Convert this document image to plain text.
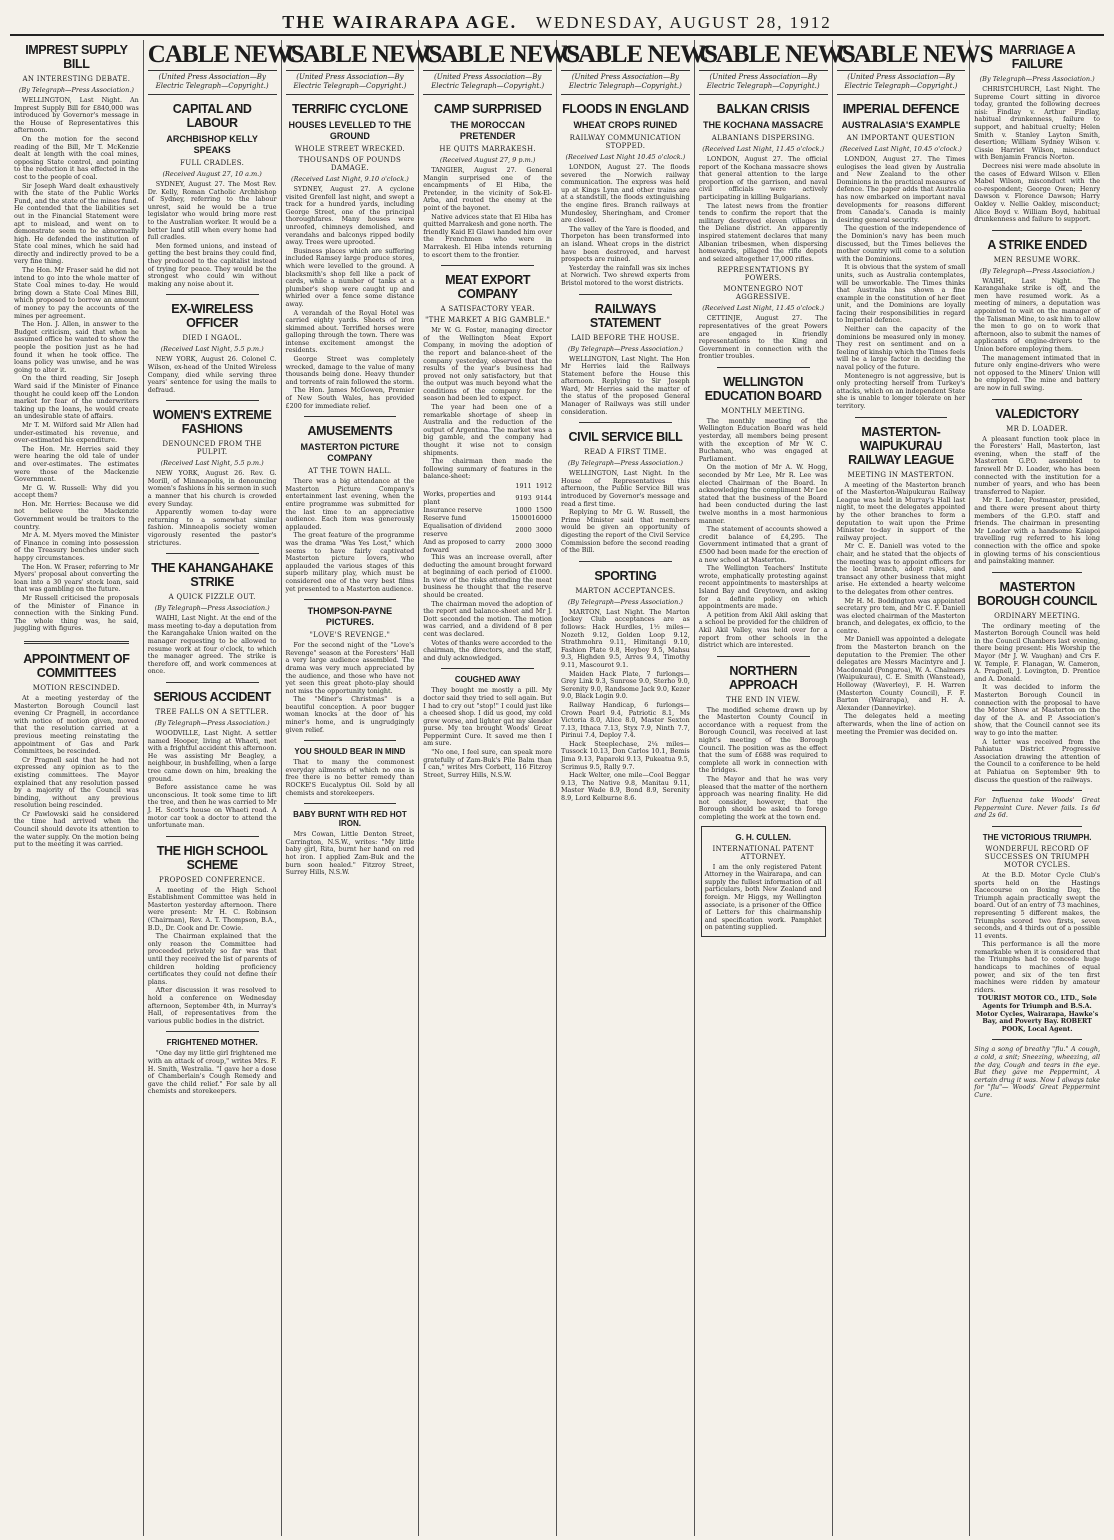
THE WAIRARAPA AGE. WEDNESDAY, AUGUST 28, 1912
IMPREST SUPPLY BILL
AN INTERESTING DEBATE.
(By Telegraph—Press Association.)

WELLINGTON, Last Night. An Imprest Supply Bill for £840,000 was introduced by Governor's message in the House of Representatives this afternoon.

On the motion for the second reading of the Bill, Mr T. McKenzie dealt at length with the coal mines, opposing State control, and pointing to the reduction it has effected in the cost to the people of coal.

Sir Joseph Ward dealt exhaustively with the state of the Public Works Fund, and the state of the mines fund. He contended that the liabilities set out in the Financial Statement were apt to mislead, and went on to demonstrate seem to be abnormally high. He defended the institution of State coal mines, which he said had directly and indirectly proved to be a very fine thing.

The Hon. Mr Fraser said he did not intend to go into the whole matter of State Coal mines to-day. He would bring down a State Coal Mines Bill, which proposed to borrow an amount of money to pay the accounts of the mines per agreement.

The Hon. J. Allen, in answer to the Budget criticism, said that when he assumed office he wanted to show the people the position just as he had found it when he took office. The loans policy was unwise, and he was going to alter it.

On the third reading, Sir Joseph Ward said if the Minister of Finance thought he could keep off the London market for fear of the underwriters taking up the loans, he would create an undesirable state of affairs.

Mr T. M. Wilford said Mr Allen had under-estimated his revenue, and over-estimated his expenditure.

The Hon. Mr. Herries said they were hearing the old tale of under and over-estimates. The estimates were those of the Mackenzie Government.

Mr G. W. Russell: Why did you accept them?

Hon. Mr. Herries: Because we did not believe the Mackenzie Government would be traitors to the country.

Mr A. M. Myers moved the Minister of Finance in coming into possession of the Treasury benches under such happy circumstances.

The Hon. W. Fraser, referring to Mr Myers' proposal about converting the loan into a 30 years' stock loan, said that was gambling on the future.

Mr Russell criticised the proposals of the Minister of Finance in connection with the Sinking Fund. The whole thing was, he said, juggling with figures.

APPOINTMENT OF COMMITTEES
MOTION RESCINDED.

At a meeting yesterday of the Masterton Borough Council last evening Cr Pragnell, in accordance with notice of motion given, moved that the resolution carried at a previous meeting reinstating the appointment of Gas and Park Committees, be rescinded.

Cr Pragnell said that he had not expressed any opinion as to the existing committees. The Mayor explained that any resolution passed by a majority of the Council was binding, without any previous resolution being rescinded.

Cr Pawlowski said he considered the time had arrived when the Council should devote its attention to the water supply. On the motion being put to the meeting it was carried.

CABLE NEWS
(United Press Association—By Electric Telegraph—Copyright.)
CAPITAL AND LABOUR
ARCHBISHOP KELLY SPEAKS
FULL CRADLES.
(Received August 27, 10 a.m.)

SYDNEY, August 27. The Most Rev. Dr. Kelly, Roman Catholic Archbishop of Sydney, referring to the labour unrest, said he would be a true legislator who would bring more rest to the Australian worker. It would be a better land still when every home had full cradles.

Men formed unions, and instead of getting the best brains they could find, they produced to the capitalist instead of trying for peace. They would be the strongest who could win without making any noise about it.

EX-WIRELESS OFFICER
DIED I NGAOL.
(Received Last Night, 5.5 p.m.)

NEW YORK, August 26. Colonel C. Wilson, ex-head of the United Wireless Company, died while serving three years' sentence for using the mails to defraud.

WOMEN'S EXTREME FASHIONS
DENOUNCED FROM THE PULPIT.
(Received Last Night, 5.5 p.m.)

NEW YORK, August 26. Rev. G. Morill, of Minneapolis, in denouncing women's fashions in his sermon in such a manner that his church is crowded every Sunday.

Apparently women to-day were returning to a somewhat similar fashion. Minneapolis society women vigorously resented the pastor's strictures.

THE KAHANGAHAKE STRIKE
A QUICK FIZZLE OUT.
(By Telegraph—Press Association.)

WAIHI, Last Night. At the end of the mass meeting to-day a deputation from the Karangahake Union waited on the manager requesting to be allowed to resume work at four o'clock, to which the manager agreed. The strike is therefore off, and work commences at once.

SERIOUS ACCIDENT
TREE FALLS ON A SETTLER.
(By Telegraph—Press Association.)

WOODVILLE, Last Night. A settler named Hooper, living at Whaeti, met with a frightful accident this afternoon. He was assisting Mr Beagley, a neighbour, in bushfelling, when a large tree came down on him, breaking the ground.

Before assistance came he was unconscious. It took some time to lift the tree, and then he was carried to Mr J. H. Scott's house on Whaeti road. A motor car took a doctor to attend the unfortunate man.

THE HIGH SCHOOL SCHEME
PROPOSED CONFERENCE.

A meeting of the High School Establishment Committee was held in Masterton yesterday afternoon. There were present: Mr H. C. Robinson (Chairman), Rev. A. T. Thompson, B.A., B.D., Dr. Cook and Dr. Cowie.

The Chairman explained that the only reason the Committee had proceeded privately so far was that until they received the list of parents of children holding proficiency certificates they could not define their plans.

After discussion it was resolved to hold a conference on Wednesday afternoon, September 4th, in Murray's Hall, of representatives from the various public bodies in the district.

FRIGHTENED MOTHER.

"One day my little girl frightened me with an attack of croup," writes Mrs. F. H. Smith, Westralia. "I gave her a dose of Chamberlain's Cough Remedy and gave the child relief." For sale by all chemists and storekeepers.

CABLE NEWS
(United Press Association—By Electric Telegraph—Copyright.)
TERRIFIC CYCLONE
HOUSES LEVELLED TO THE GROUND
WHOLE STREET WRECKED.
THOUSANDS OF POUNDS DAMAGE.
(Received Last Night, 9.10 o'clock.)

SYDNEY, August 27. A cyclone visited Grenfell last night, and swept a track for a hundred yards, including George Street, one of the principal thoroughfares. Many houses were unroofed, chimneys demolished, and verandahs and balconys ripped bodily away. Trees were uprooted.

Business places which are suffering included Ramsey large produce stores, which were levelled to the ground. A blacksmith's shop fell like a pack of cards, while a number of tanks at a plumber's shop were caught up and whirled over a fence some distance away.

A verandah of the Royal Hotel was carried eighty yards. Sheets of iron skimmed about. Terrified horses were galloping through the town. There was intense excitement amongst the residents.

George Street was completely wrecked, damage to the value of many thousands being done. Heavy thunder and torrents of rain followed the storm.

The Hon. James McGowen, Premier of New South Wales, has provided £200 for immediate relief.

AMUSEMENTS
MASTERTON PICTURE COMPANY
AT THE TOWN HALL.

There was a big attendance at the Masterton Picture Company's entertainment last evening, when the entire programme was submitted for the last time to an appreciative audience. Each item was generously applauded.

The great feature of the programme was the drama "Was Yes Lost," which seems to have fairly captivated Masterton picture lovers, who applauded the various stages of this superb military play, which must be considered one of the very best films yet presented to a Masterton audience.

THOMPSON-PAYNE PICTURES.
"LOVE'S REVENGE."

For the second night of the "Love's Revenge" season at the Foresters' Hall a very large audience assembled. The drama was very much appreciated by the audience, and those who have not yet seen this great photo-play should not miss the opportunity tonight.

The "Miner's Christmas" is a beautiful conception. A poor bugger woman knocks at the door of his miner's home, and is ungrudgingly given relief.

YOU SHOULD BEAR IN MIND

That to many the commonest everyday ailments of which no one is free there is no better remedy than ROCKE'S Eucalyptus Oil. Sold by all chemists and storekeepers.

BABY BURNT WITH RED HOT IRON.

Mrs Cowan, Little Denton Street, Carrington, N.S.W., writes: "My little baby girl, Rita, burnt her hand on red hot iron. I applied Zam-Buk and the burn soon healed." Fitzroy Street, Surrey Hills, N.S.W.

CABLE NEWS
(United Press Association—By Electric Telegraph—Copyright.)
CAMP SURPRISED
THE MOROCCAN PRETENDER
HE QUITS MARRAKESH.
(Received August 27, 9 p.m.)

TANGIER, August 27. General Mangin surprised one of the encampments of El Hiba, the Pretender, in the vicinity of Sok-El-Arba, and routed the enemy at the point of the bayonet.

Native advices state that El Hiba has quitted Marrakesh and gone north. The friendly Kaid El Glawi handed him over the Frenchmen who were in Marrakesh. El Hiba intends returning to escort them to the frontier.

MEAT EXPORT COMPANY
A SATISFACTORY YEAR.
"THE MARKET A BIG GAMBLE."

Mr W. G. Foster, managing director of the Wellington Meat Export Company, in moving the adoption of the report and balance-sheet of the company yesterday, observed that the results of the year's business had proved not only satisfactory, but that the output was much beyond what the conditions of the company for the season had been led to expect.

The year had been one of a remarkable shortage of sheep in Australia and the reduction of the output of Argentina. The market was a big gamble, and the company had thought it wise not to consign shipments.

The chairman then made the following summary of features in the balance-sheet:

	1911	1912
Works, properties and plant	9193	9144
Insurance reserve	1000	1500
Reserve fund	15000	16000
Equalisation of dividend reserve	2000	3000
And as proposed to carry forward	2000	3000

This was an increase overall, after deducting the amount brought forward at beginning of each period of £1000. In view of the risks attending the meat business he thought that the reserve should be created.

The chairman moved the adoption of the report and balance-sheet and Mr J. Dott seconded the motion. The motion was carried, and a dividend of 8 per cent was declared.

Votes of thanks were accorded to the chairman, the directors, and the staff, and duly acknowledged.

COUGHED AWAY

They bought me mostly a pill. My doctor said they tried to sell again. But I had to cry out "stop!" I could just like a cheesed shop. I did us good, my cold grew worse, and lighter gat my slender purse. My tea brought Woods' Great Peppermint Cure. It saved me then I am sure.

"No one, I feel sure, can speak more gratefully of Zam-Buk's Pile Balm than I can," writes Mrs Corbett, 116 Fitzroy Street, Surrey Hills, N.S.W.

CABLE NEWS
(United Press Association—By Electric Telegraph—Copyright.)
FLOODS IN ENGLAND
WHEAT CROPS RUINED
RAILWAY COMMUNICATION STOPPED.
(Received Last Night 10.45 o'clock.)

LONDON, August 27. The floods severed the Norwich railway communication. The express was held up at Kings Lynn and other trains are at a standstill, the floods extinguishing the engine fires. Branch railways at Mundesley, Sheringham, and Cromer are closed.

The valley of the Yare is flooded, and Thorpeton has been transformed into an island. Wheat crops in the district have been destroyed, and harvest prospects are ruined.

Yesterday the rainfall was six inches at Norwich. Two shrewd experts from Bristol motored to the worst districts.

RAILWAYS STATEMENT
LAID BEFORE THE HOUSE.
(By Telegraph—Press Association.)

WELLINGTON, Last Night. The Hon Mr Herries laid the Railways Statement before the House this afternoon. Replying to Sir Joseph Ward, Mr Herries said the matter of the status of the proposed General Manager of Railways was still under consideration.

CIVIL SERVICE BILL
READ A FIRST TIME.
(By Telegraph—Press Association.)

WELLINGTON, Last Night. In the House of Representatives this afternoon, the Public Service Bill was introduced by Governor's message and read a first time.

Replying to Mr G. W. Russell, the Prime Minister said that members would be given an opportunity of digesting the report of the Civil Service Commission before the second reading of the Bill.

SPORTING
MARTON ACCEPTANCES.
(By Telegraph—Press Association.)

MARTON, Last Night. The Marton Jockey Club acceptances are as follows: Hack Hurdles, 1½ miles—Nozeth 9.12, Golden Loop 9.12, Strathmohra 9.11, Himitangi 9.10, Fashion Plate 9.8, Heyboy 9.5, Mahsu 9.3, Highden 9.5, Arres 9.4, Timothy 9.11, Mascourot 9.1.

Maiden Hack Plate, 7 furlongs—Grey Link 9.3, Sunrose 9.0, Sterho 9.0, Serenity 9.0, Randsome Jack 9.0, Kezer 9.0, Black Login 9.0.

Railway Handicap, 6 furlongs—Crown Pearl 9.4, Patriotic 8.1, Ms Victoria 8.0, Alice 8.0, Master Sexton 7.13, Ithaca 7.13, Styx 7.9, Ninth 7.7, Pirinui 7.4, Deploy 7.4.

Hack Steeplechase, 2¼ miles—Tussock 10.13, Don Carlos 10.1, Bemis Jima 9.13, Paparoki 9.13, Pukeatua 9.5, Scrimus 9.5, Rally 9.7.

Hack Welter, one mile—Cool Beggar 9.13, The Native 9.8, Manitau 9.11, Master Wade 8.9, Bond 8.9, Serenity 8.9, Lord Kelburne 8.6.

CABLE NEWS
(United Press Association—By Electric Telegraph—Copyright.)
BALKAN CRISIS
THE KOCHANA MASSACRE
ALBANIANS DISPERSING.
(Received Last Night, 11.45 o'clock.)

LONDON, August 27. The official report of the Kochana massacre shows that general attention to the large proportion of the garrison, and naval civil officials were actively participating in killing Bulgarians.

The latest news from the frontier tends to confirm the report that the military destroyed eleven villages in the Deliane district. An apparently inspired statement declares that many Albanian tribesmen, when dispersing homewards, pillaged the rifle depots and seized altogether 17,000 rifles.

REPRESENTATIONS BY POWERS.
MONTENEGRO NOT AGGRESSIVE.
(Received Last Night, 11.45 o'clock.)

CETTINJE, August 27. The representatives of the great Powers are engaged in friendly representations to the King and Government in connection with the frontier troubles.

WELLINGTON EDUCATION BOARD
MONTHLY MEETING.

The monthly meeting of the Wellington Education Board was held yesterday, all members being present with the exception of Mr W. C. Buchanan, who was engaged at Parliament.

On the motion of Mr A. W. Hogg, seconded by Mr Lee, Mr R. Lee was elected Chairman of the Board. In acknowledging the compliment Mr Lee stated that the business of the Board had been conducted during the last twelve months in a most harmonious manner.

The statement of accounts showed a credit balance of £4,295. The Government intimated that a grant of £500 had been made for the erection of a new school at Masterton.

The Wellington Teachers' Institute wrote, emphatically protesting against recent appointments to masterships at Island Bay and Greytown, and asking for a definite policy on which appointments are made.

A petition from Akil Akil asking that a school be provided for the children of Akil Akil Valley, was held over for a report from other schools in the district which are interested.

NORTHERN APPROACH
THE END IN VIEW.

The modified scheme drawn up by the Masterton County Council in accordance with a request from the Borough Council, was received at last night's meeting of the Borough Council. The position was as the effect that the sum of £688 was required to complete all work in connection with the bridges.

The Mayor and that he was very pleased that the matter of the northern approach was nearing finality. He did not consider, however, that the Borough should be asked to forego completing the work at the town end.

G. H. CULLEN.
INTERNATIONAL PATENT ATTORNEY.

I am the only registered Patent Attorney in the Wairarapa, and can supply the fullest information of all particulars, both New Zealand and foreign. Mr Higgs, my Wellington associate, is a prisoner of the Office of Letters for this chairmanship and specification work. Pamphlet on patenting supplied.

CABLE NEWS
(United Press Association—By Electric Telegraph—Copyright.)
IMPERIAL DEFENCE
AUSTRALASIA'S EXAMPLE
AN IMPORTANT QUESTION
(Received Last Night, 10.45 o'clock.)

LONDON, August 27. The Times eulogises the lead given by Australia and New Zealand to the other Dominions in the practical measures of defence. The paper adds that Australia has now embarked on important naval developments for reasons different from Canada's. Canada is mainly desiring general security.

The question of the independence of the Dominion's navy has been much discussed, but the Times believes the mother country will come to a solution with the Dominions.

It is obvious that the system of small units, such as Australia contemplates, will be unworkable. The Times thinks that Australia has shown a fine example in the constitution of her fleet unit, and the Dominions are loyally facing their responsibilities in regard to Imperial defence.

Neither can the capacity of the dominions be measured only in money. They rest on sentiment and on a feeling of kinship which the Times feels will be a large factor in deciding the naval policy of the future.

Montenegro is not aggressive, but is only protecting herself from Turkey's attacks, which on an independent State she is unable to longer tolerate on her territory.

MASTERTON-WAIPUKURAU RAILWAY LEAGUE
MEETING IN MASTERTON.

A meeting of the Masterton branch of the Masterton-Waipukurau Railway League was held in Murray's Hall last night, to meet the delegates appointed by the other branches to form a deputation to wait upon the Prime Minister to-day in support of the railway project.

Mr C. E. Daniell was voted to the chair, and he stated that the objects of the meeting was to appoint officers for the local branch, adopt rules, and transact any other business that might arise. He extended a hearty welcome to the delegates from other centres.

Mr H. M. Boddington was appointed secretary pro tem, and Mr C. F. Daniell was elected chairman of the Masterton branch, and delegates, ex officio, to the centre.

Mr Daniell was appointed a delegate from the Masterton branch on the deputation to the Premier. The other delegates are Messrs Macintyre and J. Macdonald (Pongaroa), W. A. Chalmers (Waipukurau), C. E. Smith (Wanstead), Holloway (Waverley), F. H. Warren (Masterton County Council), F. F. Barton (Wairarapa), and H. A. Alexander (Dannevirke).

The delegates held a meeting afterwards, when the line of action on meeting the Premier was decided on.

MARRIAGE A FAILURE
(By Telegraph—Press Association.)

CHRISTCHURCH, Last Night. The Supreme Court sitting in divorce today, granted the following decrees nisi: Findlay v. Arthur Findlay, habitual drunkenness, failure to support, and habitual cruelty; Helen Smith v. Stanley Layton Smith, desertion; William Sydney Wilson v. Cissie Harriet Wilson, misconduct with Benjamin Francis Norton.

Decrees nisi were made absolute in the cases of Edward Wilson v. Ellen Mabel Wilson, misconduct with the co-respondent; George Owen; Henry Dawson v. Florence Dawson; Harry Oakley v. Nellie Oakley, misconduct; Alice Boyd v. William Boyd, habitual drunkenness and failure to support.

A STRIKE ENDED
MEN RESUME WORK.
(By Telegraph—Press Association.)

WAIHI, Last Night. The Karangahake strike is off, and the men have resumed work. As a meeting of miners, a deputation was appointed to wait on the manager of the Talisman Mine, to ask him to allow the men to go on to work that afternoon, also to submit the names of applicants of engine-drivers to the Union before employing them.

The management intimated that in future only engine-drivers who were not opposed to the Miners' Union will be employed. The mine and battery are now in full swing.

VALEDICTORY
MR D. LOADER.

A pleasant function took place in the Foresters' Hall, Masterton, last evening, when the staff of the Masterton G.P.O. assembled to farewell Mr D. Loader, who has been connected with the institution for a number of years, and who has been transferred to Napier.

Mr R. Loder, Postmaster, presided, and there were present about thirty members of the G.P.O. staff and friends. The chairman in presenting Mr Loader with a handsome Kaiapoi travelling rug referred to his long connection with the office and spoke in glowing terms of his conscientious and painstaking manner.

MASTERTON BOROUGH COUNCIL
ORDINARY MEETING.

The ordinary meeting of the Masterton Borough Council was held in the Council Chambers last evening, there being present: His Worship the Mayor (Mr J. W. Vaughan) and Crs F. W. Temple, F. Flanagan, W. Cameron, A. Pragnell, J. Lovington, D. Prentice and A. Donald.

It was decided to inform the Masterton Borough Council in connection with the proposal to have the Motor Show at Masterton on the day of the A. and P. Association's show, that the Council cannot see its way to go into the matter.

A letter was received from the Pahiatua District Progressive Association drawing the attention of the Council to a conference to be held at Pahiatua on September 9th to discuss the question of the railways.

For Influenza take Woods' Great Peppermint Cure. Never fails. 1s 6d and 2s 6d.

THE VICTORIOUS TRIUMPH.
WONDERFUL RECORD OF SUCCESSES ON TRIUMPH MOTOR CYCLES.

At the B.D. Motor Cycle Club's sports held on the Hastings Racecourse on Boxing Day, the Triumph again practically swept the board. Out of an entry of 73 machines, representing 5 different makes, the Triumphs scored two firsts, seven seconds, and 4 thirds out of a possible 11 events.

This performance is all the more remarkable when it is considered that the Triumphs had to concede huge handicaps to machines of equal power, and six of the ten first machines were ridden by amateur riders.

TOURIST MOTOR CO., LTD., Sole Agents for Triumph and B.S.A. Motor Cycles, Wairarapa, Hawke's Bay, and Poverty Bay. ROBERT POOK, Local Agent.

Sing a song of breathy "flu." A cough, a cold, a snit; Sneezing, wheezing, all the day, Cough and tears in the eye. But they gave me Peppermint, A certain drug it was. Now I always take for "flu"— Woods' Great Peppermint Cure.
